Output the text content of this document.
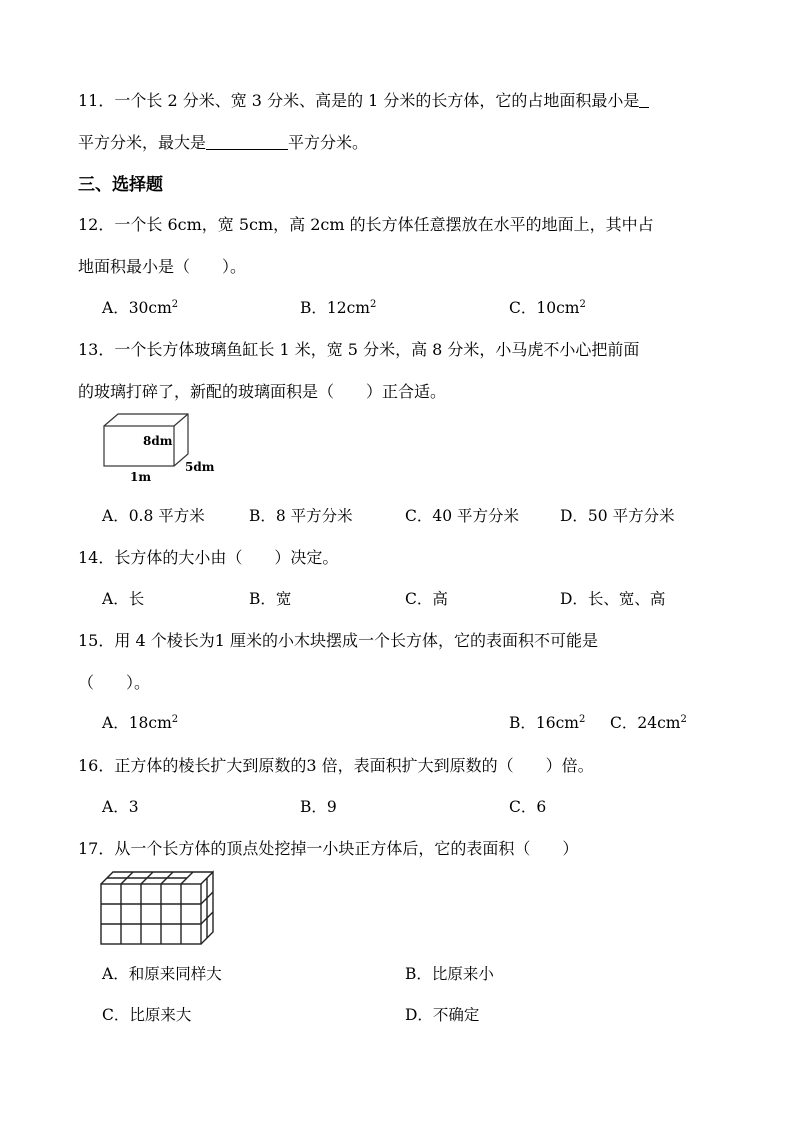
11．一个长 2 分米、宽 3 分米、高是的 1 分米的长方体，它的占地面积最小是
平方分米，最大是	平方分米。
三、选择题
12．一个长 6cm，宽 5cm，高 2cm 的长方体任意摆放在水平的地面上，其中占
地面积最小是（　　）。
A．$30cm^2$	B．$12cm^2$	C．$10cm^2$
13．一个长方体玻璃鱼缸长 1 米，宽 5 分米，高 8 分米，小马虎不小心把前面
的玻璃打碎了，新配的玻璃面积是（　　）正合适。
8dm
5dm
1m
A．0.8 平方米	B．8 平方分米	C．40 平方分米	D．50 平方分米
14．长方体的大小由（　　）决定。
A．长	B．宽	C．高	D．长、宽、高
15．用 4 个棱长为1 厘米的小木块摆成一个长方体，它的表面积不可能是
（　　）。
A．$18cm^2$	B．$16cm^2$ C．$24cm^2$
16．正方体的棱长扩大到原数的3 倍，表面积扩大到原数的（　　）倍。
A．3	B．9	C．6
17．从一个长方体的顶点处挖掉一小块正方体后，它的表面积（　　）
A．和原来同样大	B．比原来小
C．比原来大	D．不确定
